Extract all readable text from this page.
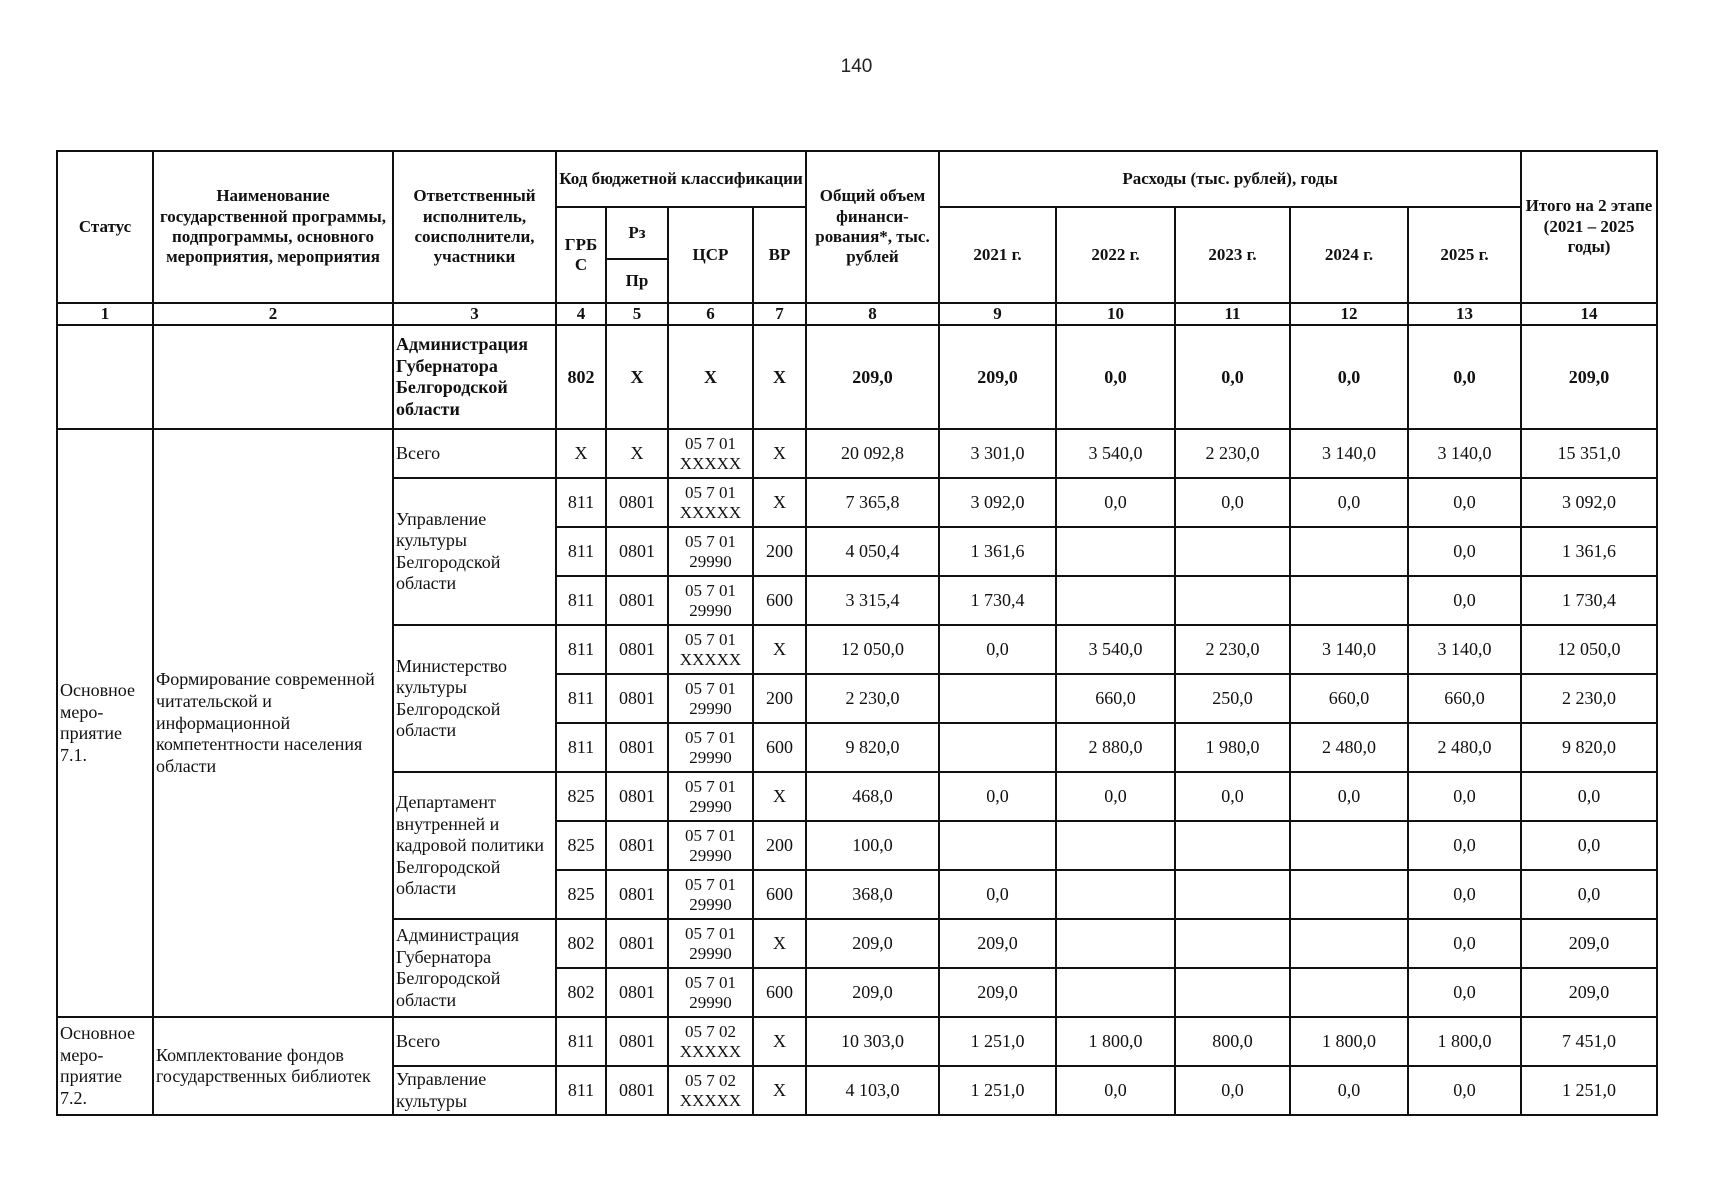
140
Статус	Наименование государственной программы, подпрограммы, основного мероприятия, мероприятия	Ответственный исполнитель, соисполнители, участники	Код бюджетной классификации				Общий объем финанси- рования*, тыс. рублей	Расходы (тыс. рублей), годы					Итого на 2 этапе (2021 – 2025 годы)
			ГРБ С	Рз	ЦСР	ВР		2021 г.	2022 г.	2023 г.	2024 г.	2025 г.	
				Пр									
1	2	3	4	5	6	7	8	9	10	11	12	13	14
		Администрация Губернатора Белгородской области	802	Х	Х	Х	209,0	209,0	0,0	0,0	0,0	0,0	209,0
Основное меро- приятие 7.1.	Формирование современной читательской и информационной компетентности населения области	Всего	Х	Х	05 7 01 ХХХХХ	Х	20 092,8	3 301,0	3 540,0	2 230,0	3 140,0	3 140,0	15 351,0
		Управление культуры Белгородской области	811	0801	05 7 01 ХХХХХ	Х	7 365,8	3 092,0	0,0	0,0	0,0	0,0	3 092,0
			811	0801	05 7 01 29990	200	4 050,4	1 361,6				0,0	1 361,6
			811	0801	05 7 01 29990	600	3 315,4	1 730,4				0,0	1 730,4
		Министерство культуры Белгородской области	811	0801	05 7 01 ХХХХХ	Х	12 050,0	0,0	3 540,0	2 230,0	3 140,0	3 140,0	12 050,0
			811	0801	05 7 01 29990	200	2 230,0		660,0	250,0	660,0	660,0	2 230,0
			811	0801	05 7 01 29990	600	9 820,0		2 880,0	1 980,0	2 480,0	2 480,0	9 820,0
		Департамент внутренней и кадровой политики Белгородской области	825	0801	05 7 01 29990	Х	468,0	0,0	0,0	0,0	0,0	0,0	0,0
			825	0801	05 7 01 29990	200	100,0					0,0	0,0
			825	0801	05 7 01 29990	600	368,0	0,0				0,0	0,0
		Администрация Губернатора Белгородской области	802	0801	05 7 01 29990	Х	209,0	209,0				0,0	209,0
			802	0801	05 7 01 29990	600	209,0	209,0				0,0	209,0
Основное меро- приятие 7.2.	Комплектование фондов государственных библиотек	Всего	811	0801	05 7 02 ХХХХХ	Х	10 303,0	1 251,0	1 800,0	800,0	1 800,0	1 800,0	7 451,0
		Управление культуры	811	0801	05 7 02 ХХХХХ	Х	4 103,0	1 251,0	0,0	0,0	0,0	0,0	1 251,0
